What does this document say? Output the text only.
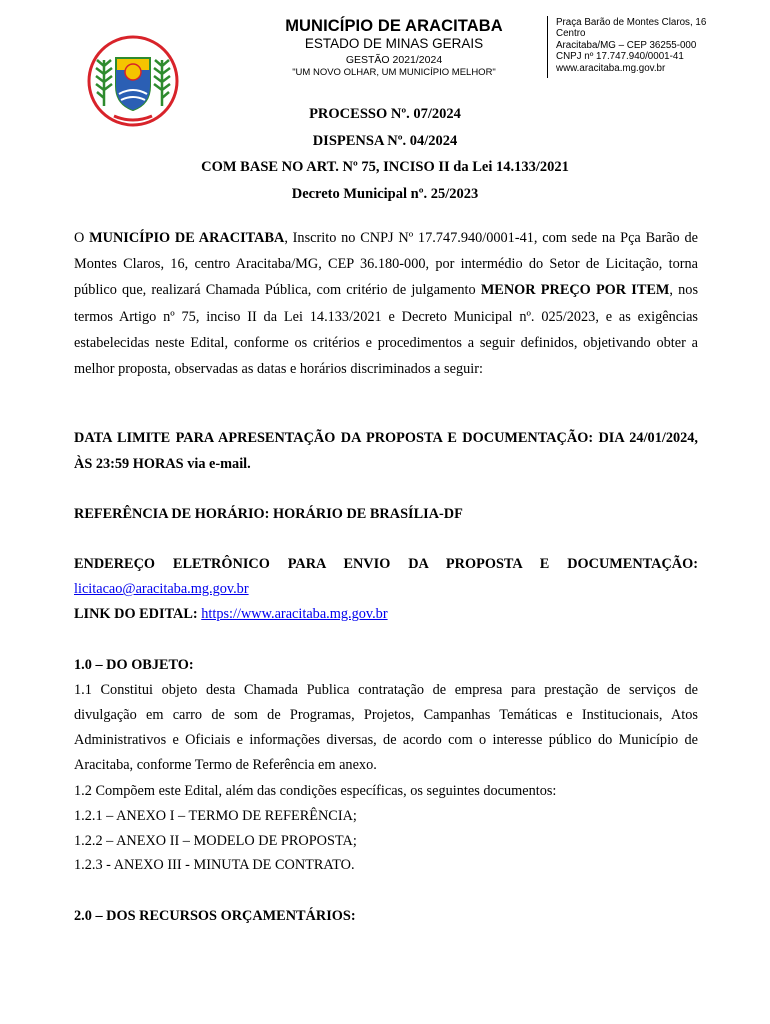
MUNICÍPIO DE ARACITABA
ESTADO DE MINAS GERAIS
GESTÃO 2021/2024
"UM NOVO OLHAR, UM MUNICÍPIO MELHOR"
Praça Barão de Montes Claros, 16
Centro
Aracitaba/MG – CEP 36255-000
CNPJ nº 17.747.940/0001-41
www.aracitaba.mg.gov.br
PROCESSO Nº. 07/2024
DISPENSA Nº. 04/2024
COM BASE NO ART. Nº 75, INCISO II da Lei 14.133/2021
Decreto Municipal nº. 25/2023
O MUNICÍPIO DE ARACITABA, Inscrito no CNPJ Nº 17.747.940/0001-41, com sede na Pça Barão de Montes Claros, 16, centro Aracitaba/MG, CEP 36.180-000, por intermédio do Setor de Licitação, torna público que, realizará Chamada Pública, com critério de julgamento MENOR PREÇO POR ITEM, nos termos Artigo nº 75, inciso II da Lei 14.133/2021 e Decreto Municipal nº. 025/2023, e as exigências estabelecidas neste Edital, conforme os critérios e procedimentos a seguir definidos, objetivando obter a melhor proposta, observadas as datas e horários discriminados a seguir:
DATA LIMITE PARA APRESENTAÇÃO DA PROPOSTA E DOCUMENTAÇÃO: DIA 24/01/2024, ÀS 23:59 HORAS via e-mail.
REFERÊNCIA DE HORÁRIO: HORÁRIO DE BRASÍLIA-DF
ENDEREÇO ELETRÔNICO PARA ENVIO DA PROPOSTA E DOCUMENTAÇÃO:
licitacao@aracitaba.mg.gov.br
LINK DO EDITAL: https://www.aracitaba.mg.gov.br
1.0 – DO OBJETO:
1.1 Constitui objeto desta Chamada Publica contratação de empresa para prestação de serviços de divulgação em carro de som de Programas, Projetos, Campanhas Temáticas e Institucionais, Atos Administrativos e Oficiais e informações diversas, de acordo com o interesse público do Município de Aracitaba, conforme Termo de Referência em anexo.
1.2 Compõem este Edital, além das condições específicas, os seguintes documentos:
1.2.1 – ANEXO I – TERMO DE REFERÊNCIA;
1.2.2 – ANEXO II – MODELO DE PROPOSTA;
1.2.3 - ANEXO III - MINUTA DE CONTRATO.
2.0 – DOS RECURSOS ORÇAMENTÁRIOS:
